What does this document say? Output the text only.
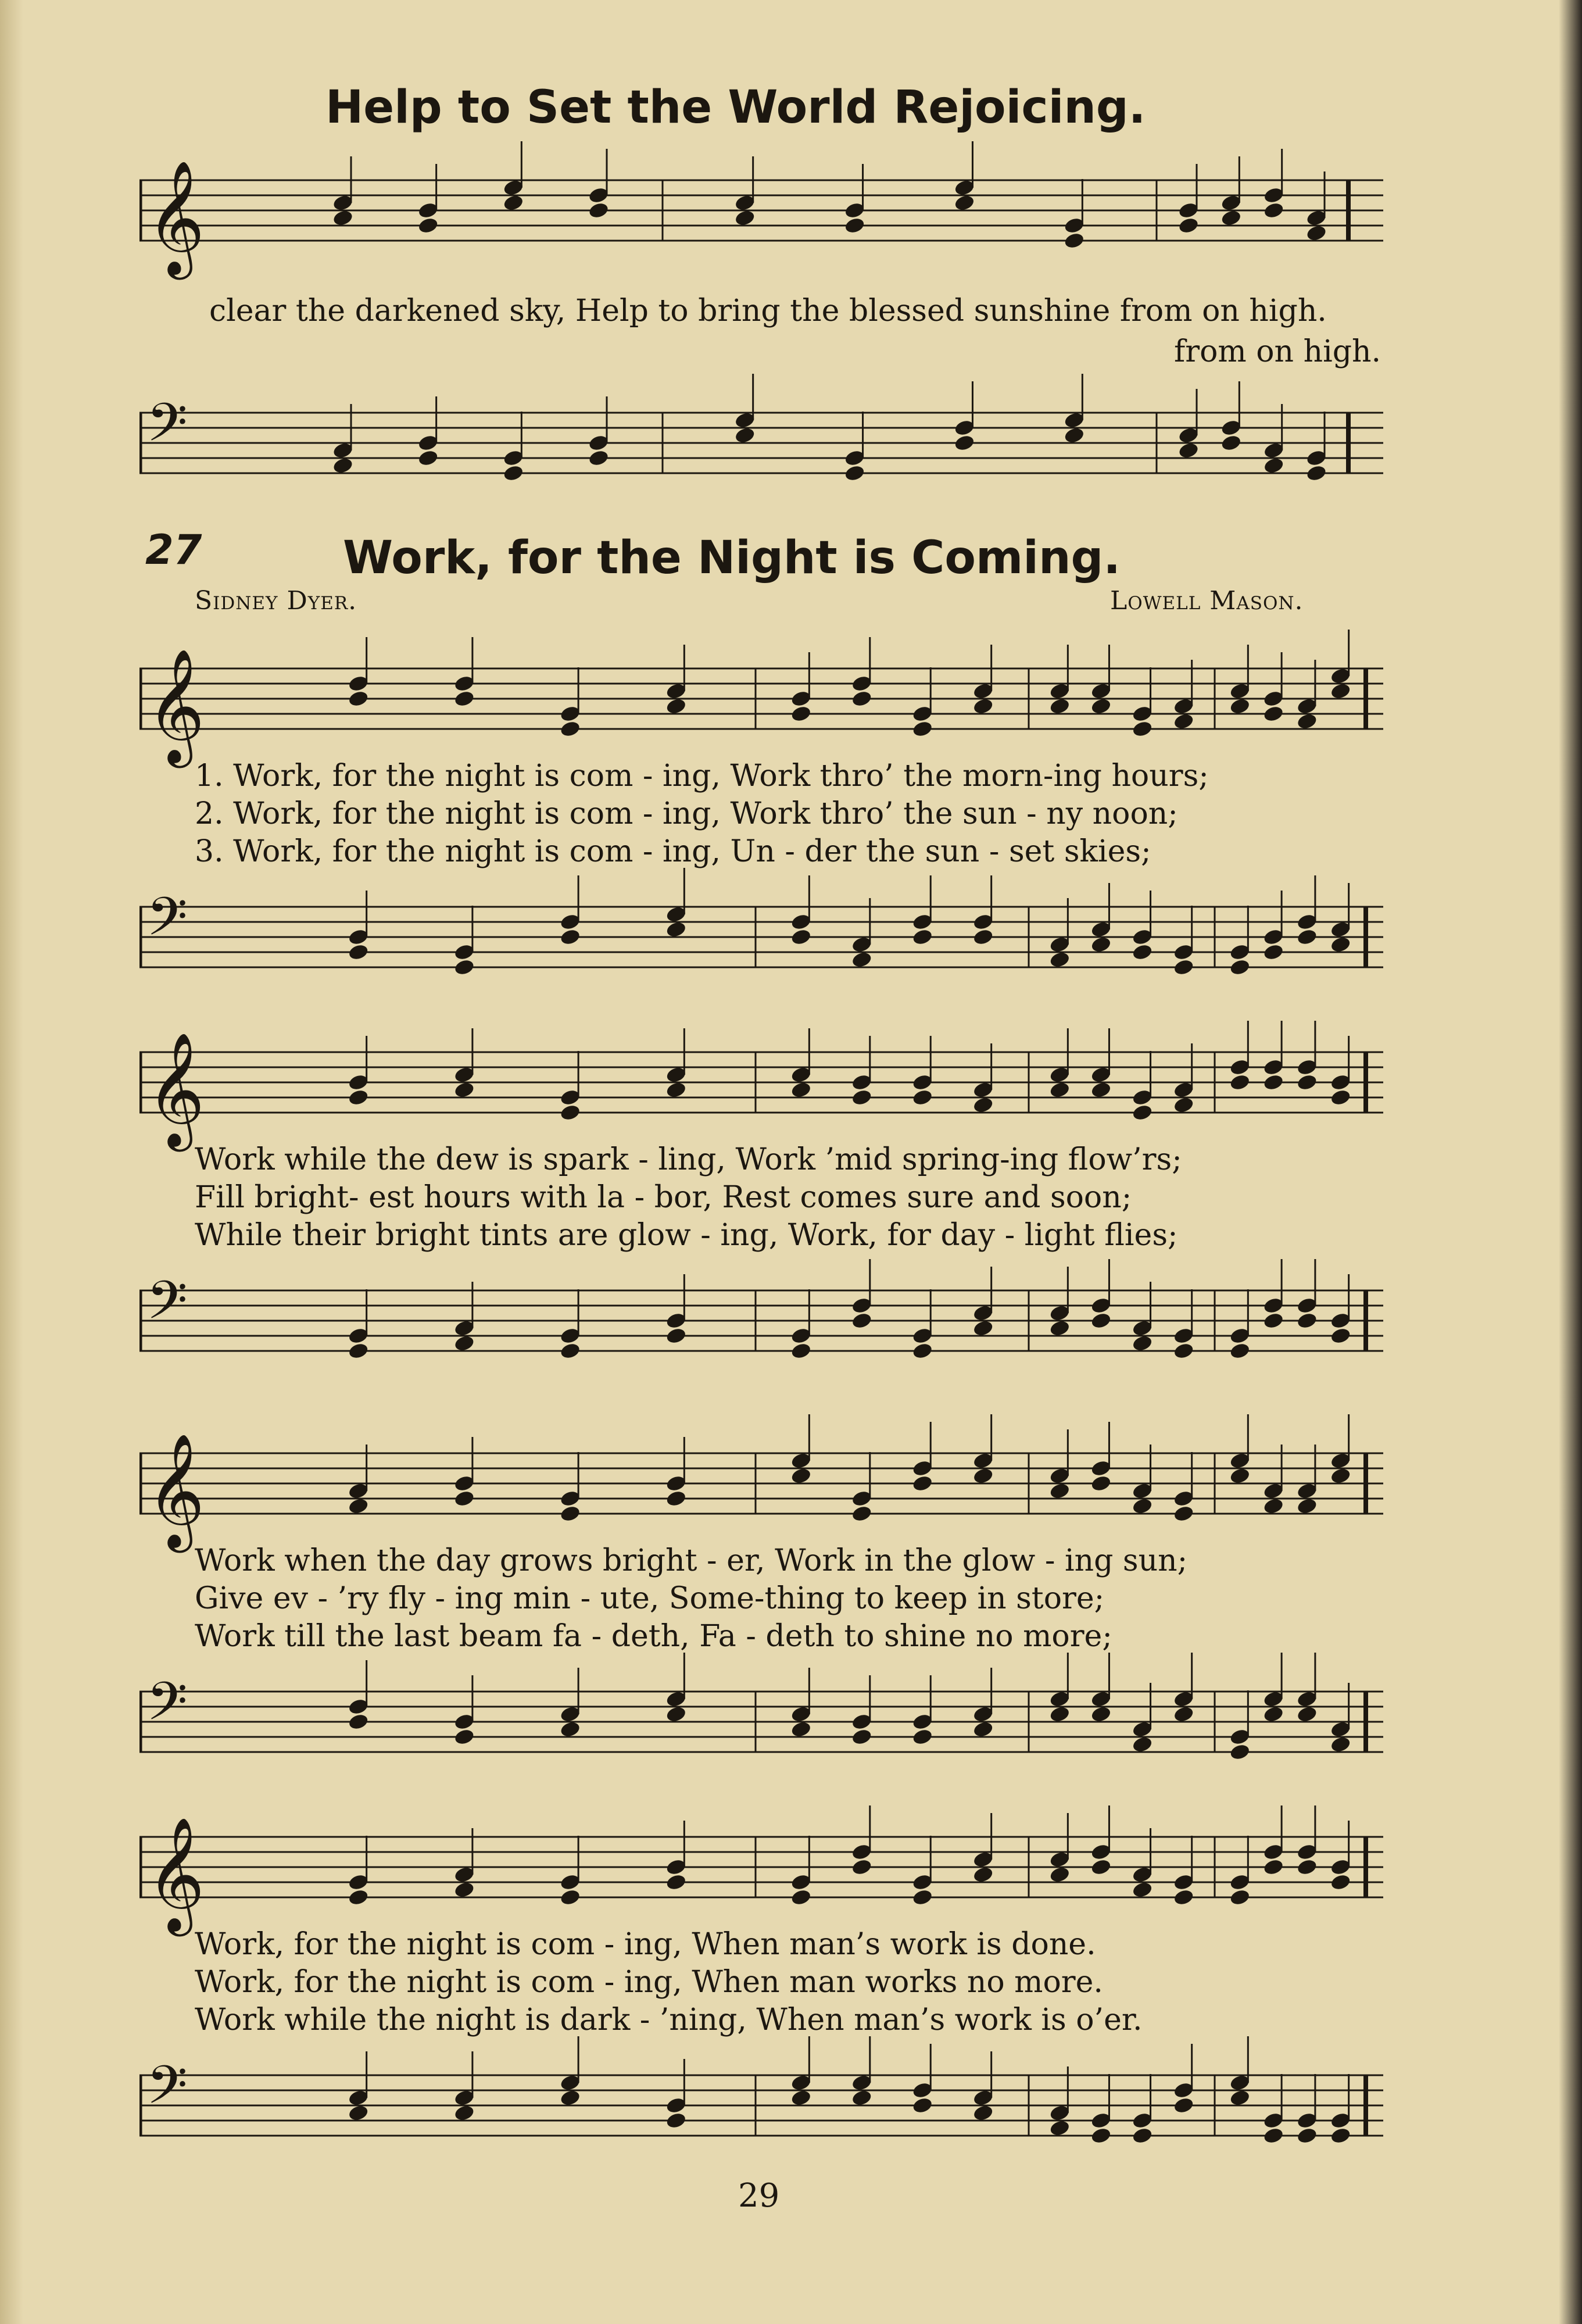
Help to Set the World Rejoicing.
𝄞
clear the darkened sky, Help to bring the blessed sunshine from on high.
from on high.
𝄢
27	Work, for the Night is Coming.
Sidney Dyer.	Lowell Mason.
𝄞
1. Work, for the night is com - ing, Work thro’ the morn-ing hours;
2. Work, for the night is com - ing, Work thro’ the sun - ny noon;
3. Work, for the night is com - ing, Un - der the sun - set skies;
𝄢
𝄞
Work while the dew is spark - ling, Work ’mid spring-ing flow’rs;
Fill bright- est hours with la - bor, Rest comes sure and soon;
While their bright tints are glow - ing, Work, for day - light flies;
𝄢
𝄞
Work when the day grows bright - er, Work in the glow - ing sun;
Give ev - ’ry fly - ing min - ute, Some-thing to keep in store;
Work till the last beam fa - deth, Fa - deth to shine no more;
𝄢
𝄞
Work, for the night is com - ing, When man’s work is done.
Work, for the night is com - ing, When man works no more.
Work while the night is dark - ’ning, When man’s work is o’er.
𝄢
29
